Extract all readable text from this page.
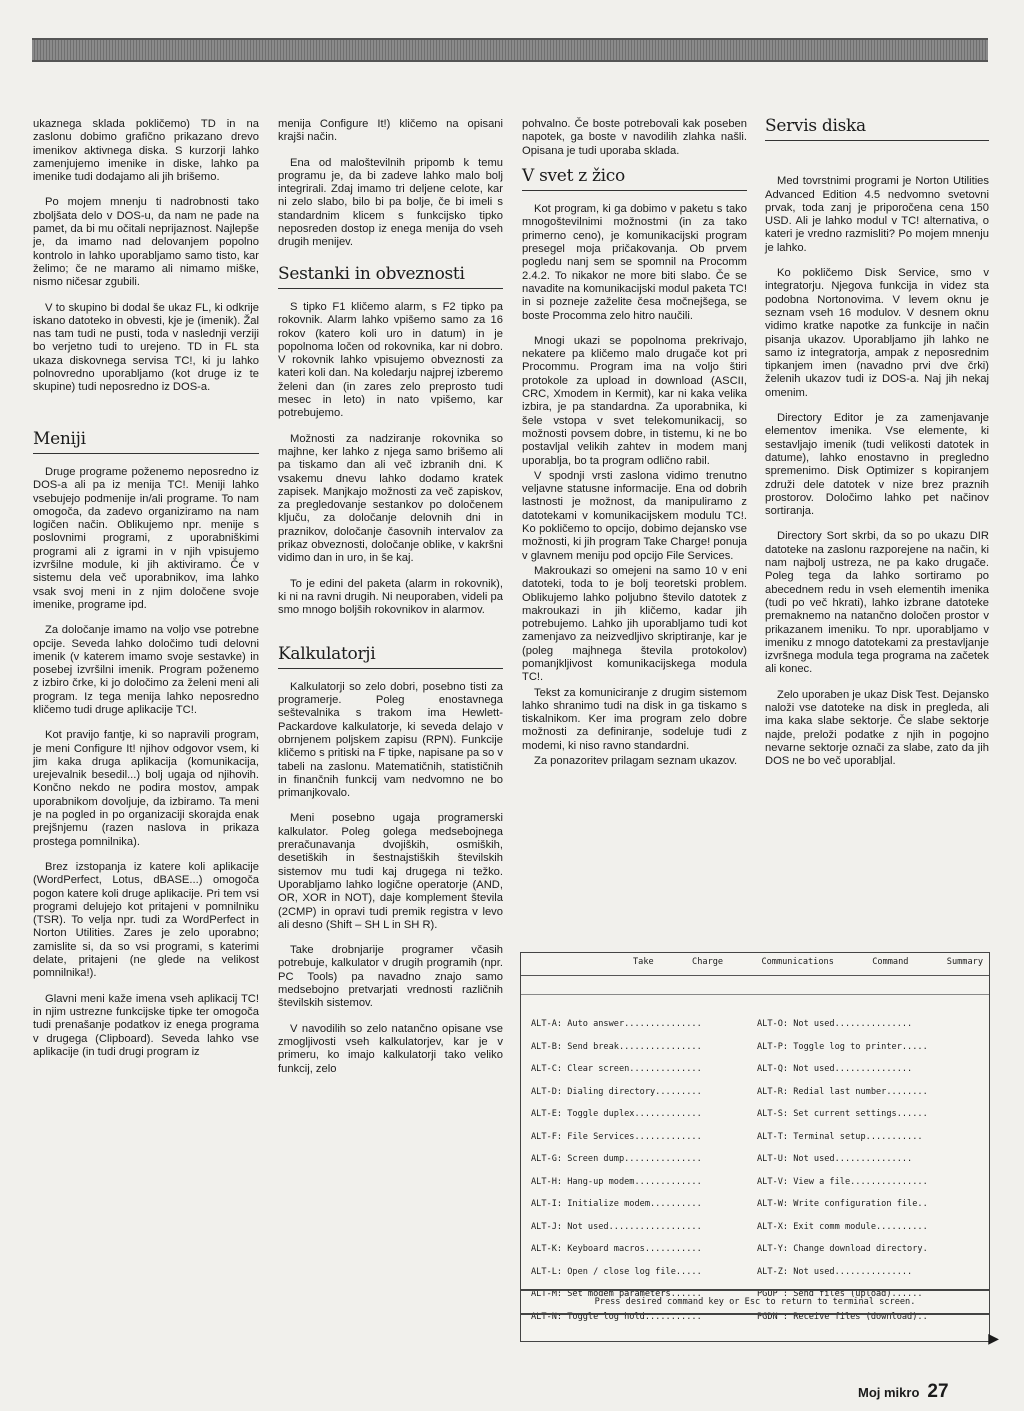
ukaznega sklada pokličemo) TD in na zaslonu dobimo grafično prikazano drevo imenikov aktivnega diska. S kurzorji lahko zamenjujemo imenike in diske, lahko pa imenike tudi dodajamo ali jih brišemo.

Po mojem mnenju ti nadrobnosti tako zboljšata delo v DOS-u, da nam ne pade na pamet, da bi mu očitali neprijaznost. Najlepše je, da imamo nad delovanjem popolno kontrolo in lahko uporabljamo samo tisto, kar želimo; če ne maramo ali nimamo miške, nismo ničesar zgubili.

V to skupino bi dodal še ukaz FL, ki odkrije iskano datoteko in obvesti, kje je (imenik). Žal nas tam tudi ne pusti, toda v naslednji verziji bo verjetno tudi to urejeno. TD in FL sta ukaza diskovnega servisa TC!, ki ju lahko polnovredno uporabljamo (kot druge iz te skupine) tudi neposredno iz DOS-a.

Meniji

Druge programe poženemo neposredno iz DOS-a ali pa iz menija TC!. Meniji lahko vsebujejo podmenije in/ali programe. To nam omogoča, da zadevo organiziramo na nam logičen način. Oblikujemo npr. menije s poslovnimi programi, z uporabniškimi programi ali z igrami in v njih vpisujemo izvršilne module, ki jih aktiviramo. Če v sistemu dela več uporabnikov, ima lahko vsak svoj meni in z njim določene svoje imenike, programe ipd.

Za določanje imamo na voljo vse potrebne opcije. Seveda lahko določimo tudi delovni imenik (v katerem imamo svoje sestavke) in posebej izvršilni imenik. Program poženemo z izbiro črke, ki jo določimo za želeni meni ali program. Iz tega menija lahko neposredno kličemo tudi druge aplikacije TC!.

Kot pravijo fantje, ki so napravili program, je meni Configure It! njihov odgovor vsem, ki jim kaka druga aplikacija (komunikacija, urejevalnik besedil...) bolj ugaja od njihovih. Končno nekdo ne podira mostov, ampak uporabnikom dovoljuje, da izbiramo. Ta meni je na pogled in po organizaciji skorajda enak prejšnjemu (razen naslova in prikaza prostega pomnilnika).

Brez izstopanja iz katere koli aplikacije (WordPerfect, Lotus, dBASE...) omogoča pogon katere koli druge aplikacije. Pri tem vsi programi delujejo kot pritajeni v pomnilniku (TSR). To velja npr. tudi za WordPerfect in Norton Utilities. Zares je zelo uporabno; zamislite si, da so vsi programi, s katerimi delate, pritajeni (ne glede na velikost pomnilnika!).

Glavni meni kaže imena vseh aplikacij TC! in njim ustrezne funkcijske tipke ter omogoča tudi prenašanje podatkov iz enega programa v drugega (Clipboard). Seveda lahko vse aplikacije (in tudi drugi program iz

menija Configure It!) kličemo na opisani krajši način.

Ena od maloštevilnih pripomb k temu programu je, da bi zadeve lahko malo bolj integrirali. Zdaj imamo tri deljene celote, kar ni zelo slabo, bilo bi pa bolje, če bi imeli s standardnim klicem s funkcijsko tipko neposreden dostop iz enega menija do vseh drugih menijev.

Sestanki in obveznosti

S tipko F1 kličemo alarm, s F2 tipko pa rokovnik. Alarm lahko vpišemo samo za 16 rokov (katero koli uro in datum) in je popolnoma ločen od rokovnika, kar ni dobro. V rokovnik lahko vpisujemo obveznosti za kateri koli dan. Na koledarju najprej izberemo želeni dan (in zares zelo preprosto tudi mesec in leto) in nato vpišemo, kar potrebujemo.

Možnosti za nadziranje rokovnika so majhne, ker lahko z njega samo brišemo ali pa tiskamo dan ali več izbranih dni. K vsakemu dnevu lahko dodamo kratek zapisek. Manjkajo možnosti za več zapiskov, za pregledovanje sestankov po določenem ključu, za določanje delovnih dni in praznikov, določanje časovnih intervalov za prikaz obveznosti, določanje oblike, v kakršni vidimo dan in uro, in še kaj.

To je edini del paketa (alarm in rokovnik), ki ni na ravni drugih. Ni neuporaben, videli pa smo mnogo boljših rokovnikov in alarmov.

Kalkulatorji

Kalkulatorji so zelo dobri, posebno tisti za programerje. Poleg enostavnega seštevalnika s trakom ima Hewlett-Packardove kalkulatorje, ki seveda delajo v obrnjenem poljskem zapisu (RPN). Funkcije kličemo s pritiski na F tipke, napisane pa so v tabeli na zaslonu. Matematičnih, statističnih in finančnih funkcij vam nedvomno ne bo primanjkovalo.

Meni posebno ugaja programerski kalkulator. Poleg golega medsebojnega preračunavanja dvojiških, osmiških, desetiških in šestnajstiških številskih sistemov mu tudi kaj drugega ni težko. Uporabljamo lahko logične operatorje (AND, OR, XOR in NOT), daje komplement števila (2CMP) in opravi tudi premik registra v levo ali desno (Shift – SH L in SH R).

Take drobnjarije programer včasih potrebuje, kalkulator v drugih programih (npr. PC Tools) pa navadno znajo samo medsebojno pretvarjati vrednosti različnih številskih sistemov.

V navodilih so zelo natančno opisane vse zmogljivosti vseh kalkulatorjev, kar je v primeru, ko imajo kalkulatorji tako veliko funkcij, zelo

pohvalno. Če boste potrebovali kak poseben napotek, ga boste v navodilih zlahka našli. Opisana je tudi uporaba sklada.

V svet z žico

Kot program, ki ga dobimo v paketu s tako mnogoštevilnimi možnostmi (in za tako primerno ceno), je komunikacijski program presegel moja pričakovanja. Ob prvem pogledu nanj sem se spomnil na Procomm 2.4.2. To nikakor ne more biti slabo. Če se navadite na komunikacijski modul paketa TC! in si pozneje zaželite česa močnejšega, se boste Procomma zelo hitro naučili.

Mnogi ukazi se popolnoma prekrivajo, nekatere pa kličemo malo drugače kot pri Procommu. Program ima na voljo štiri protokole za upload in download (ASCII, CRC, Xmodem in Kermit), kar ni kaka velika izbira, je pa standardna. Za uporabnika, ki šele vstopa v svet telekomunikacij, so možnosti povsem dobre, in tistemu, ki ne bo postavljal velikih zahtev in modem manj uporablja, bo ta program odlično rabil.

V spodnji vrsti zaslona vidimo trenutno veljavne statusne informacije. Ena od dobrih lastnosti je možnost, da manipuliramo z datotekami v komunikacijskem modulu TC!. Ko pokličemo to opcijo, dobimo dejansko vse možnosti, ki jih program Take Charge! ponuja v glavnem meniju pod opcijo File Services.

Makroukazi so omejeni na samo 10 v eni datoteki, toda to je bolj teoretski problem. Oblikujemo lahko poljubno število datotek z makroukazi in jih kličemo, kadar jih potrebujemo. Lahko jih uporabljamo tudi kot zamenjavo za neizvedljivo skriptiranje, kar je (poleg majhnega števila protokolov) pomanjkljivost komunikacijskega modula TC!.

Tekst za komuniciranje z drugim sistemom lahko shranimo tudi na disk in ga tiskamo s tiskalnikom. Ker ima program zelo dobre možnosti za definiranje, sodeluje tudi z modemi, ki niso ravno standardni.

Za ponazoritev prilagam seznam ukazov.

Servis diska

Med tovrstnimi programi je Norton Utilities Advanced Edition 4.5 nedvomno svetovni prvak, toda zanj je priporočena cena 150 USD. Ali je lahko modul v TC! alternativa, o kateri je vredno razmisliti? Po mojem mnenju je lahko.

Ko pokličemo Disk Service, smo v integratorju. Njegova funkcija in videz sta podobna Nortonovima. V levem oknu je seznam vseh 16 modulov. V desnem oknu vidimo kratke napotke za funkcije in način pisanja ukazov. Uporabljamo jih lahko ne samo iz integratorja, ampak z neposrednim tipkanjem imen (navadno prvi dve črki) želenih ukazov tudi iz DOS-a. Naj jih nekaj omenim.

Directory Editor je za zamenjavanje elementov imenika. Vse elemente, ki sestavljajo imenik (tudi velikosti datotek in datume), lahko enostavno in pregledno spremenimo. Disk Optimizer s kopiranjem združi dele datotek v nize brez praznih prostorov. Določimo lahko pet načinov sortiranja.

Directory Sort skrbi, da so po ukazu DIR datoteke na zaslonu razporejene na način, ki nam najbolj ustreza, ne pa kako drugače. Poleg tega da lahko sortiramo po abecednem redu in vseh elementih imenika (tudi po več hkrati), lahko izbrane datoteke premaknemo na natančno določen prostor v prikazanem imeniku. To npr. uporabljamo v imeniku z mnogo datotekami za prestavljanje izvršnega modula tega programa na začetek ali konec.

Zelo uporaben je ukaz Disk Test. Dejansko naloži vse datoteke na disk in pregleda, ali ima kaka slabe sektorje. Če slabe sektorje najde, preloži podatke z njih in pogojno nevarne sektorje označi za slabe, zato da jih DOS ne bo več uporabljal.

Take	Charge	Communications	Command	Summary
ALT-A: Auto answer...............	ALT-O: Not used...............
ALT-B: Send break................	ALT-P: Toggle log to printer.....
ALT-C: Clear screen..............	ALT-Q: Not used...............
ALT-D: Dialing directory.........	ALT-R: Redial last number........
ALT-E: Toggle duplex.............	ALT-S: Set current settings......
ALT-F: File Services.............	ALT-T: Terminal setup...........
ALT-G: Screen dump...............	ALT-U: Not used...............
ALT-H: Hang-up modem.............	ALT-V: View a file...............
ALT-I: Initialize modem..........	ALT-W: Write configuration file..
ALT-J: Not used..................	ALT-X: Exit comm module..........
ALT-K: Keyboard macros...........	ALT-Y: Change download directory.
ALT-L: Open / close log file.....	ALT-Z: Not used...............
ALT-M: Set modem parameters......	PGUP : Send files (upload)......
ALT-N: Toggle log hold...........	PGDN : Receive files (download)..
Press desired command key or Esc to return to terminal screen.
▶
Moj mikro 27
